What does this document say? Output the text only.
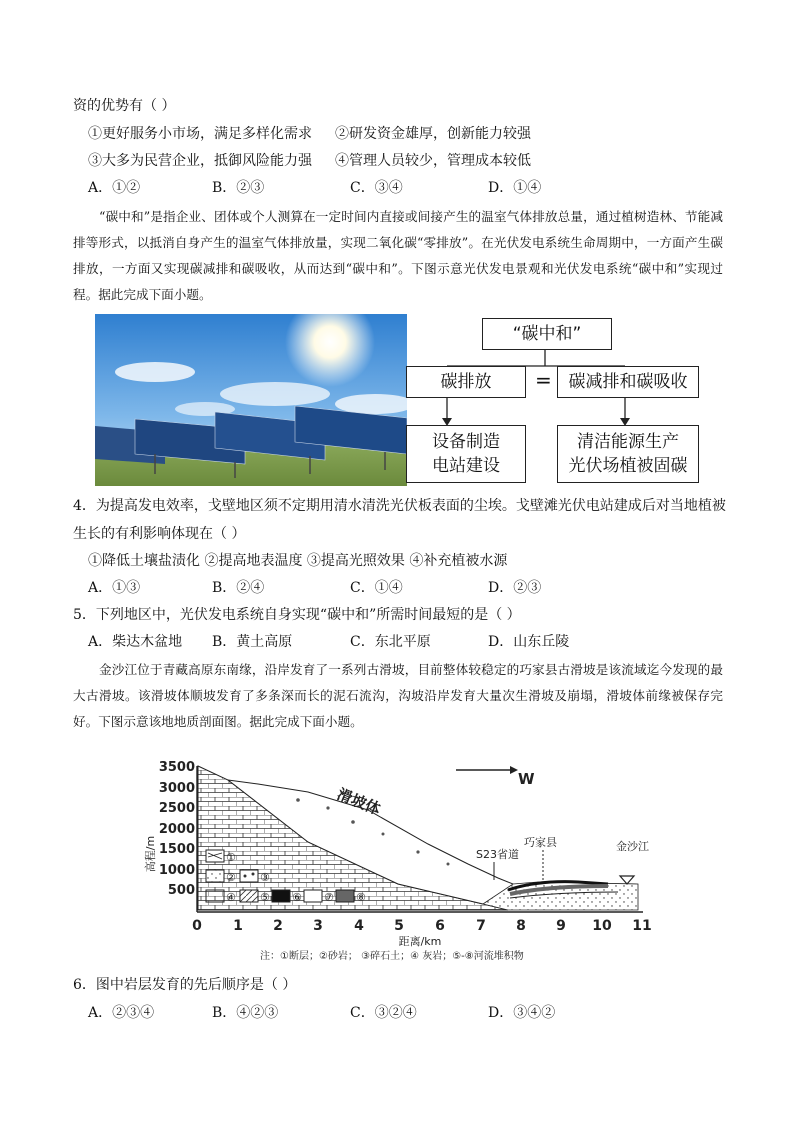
资的优势有（ ）
①更好服务小市场，满足多样化需求 ②研发资金雄厚，创新能力较强
③大多为民营企业，抵御风险能力强 ④管理人员较少，管理成本较低
A．①②	B．②③	C．③④	D．①④
“碳中和”是指企业、团体或个人测算在一定时间内直接或间接产生的温室气体排放总量，通过植树造林、节能减排等形式，以抵消自身产生的温室气体排放量，实现二氧化碳“零排放”。在光伏发电系统生命周期中，一方面产生碳排放，一方面又实现碳减排和碳吸收，从而达到“碳中和”。下图示意光伏发电景观和光伏发电系统“碳中和”实现过程。据此完成下面小题。
“碳中和”
碳排放	= 碳减排和碳吸收
设备制造
电站建设
清洁能源生产
光伏场植被固碳
4．为提高发电效率，戈壁地区须不定期用清水清洗光伏板表面的尘埃。戈壁滩光伏电站建成后对当地植被
生长的有利影响体现在（ ）
①降低土壤盐渍化 ②提高地表温度 ③提高光照效果 ④补充植被水源
A．①③	B．②④	C．①④	D．②③
5．下列地区中，光伏发电系统自身实现“碳中和”所需时间最短的是（ ）
A．柴达木盆地 B．黄土高原	C．东北平原	D．山东丘陵
金沙江位于青藏高原东南缘，沿岸发育了一系列古滑坡，目前整体较稳定的巧家县古滑坡是该流域迄今发现的最大古滑坡。该滑坡体顺坡发育了多条深而长的泥石流沟，沟坡沿岸发育大量次生滑坡及崩塌，滑坡体前缘被保存完好。下图示意该地地质剖面图。据此完成下面小题。
3500
3000
2500
2000
1500
1000
500
0 1 2 3 4 5 6 7 8 9 10 11
高程/m
距离/km
滑坡体
S23省道
巧家县	金沙江
W
①
② ③
④ ⑤ ⑥ ⑦ ⑧
注：①断层；②砂岩； ③碎石土；④ 灰岩；⑤-⑧河流堆积物
6．图中岩层发育的先后顺序是（ ）
A．②③④	B．④②③	C．③②④	D．③④②
